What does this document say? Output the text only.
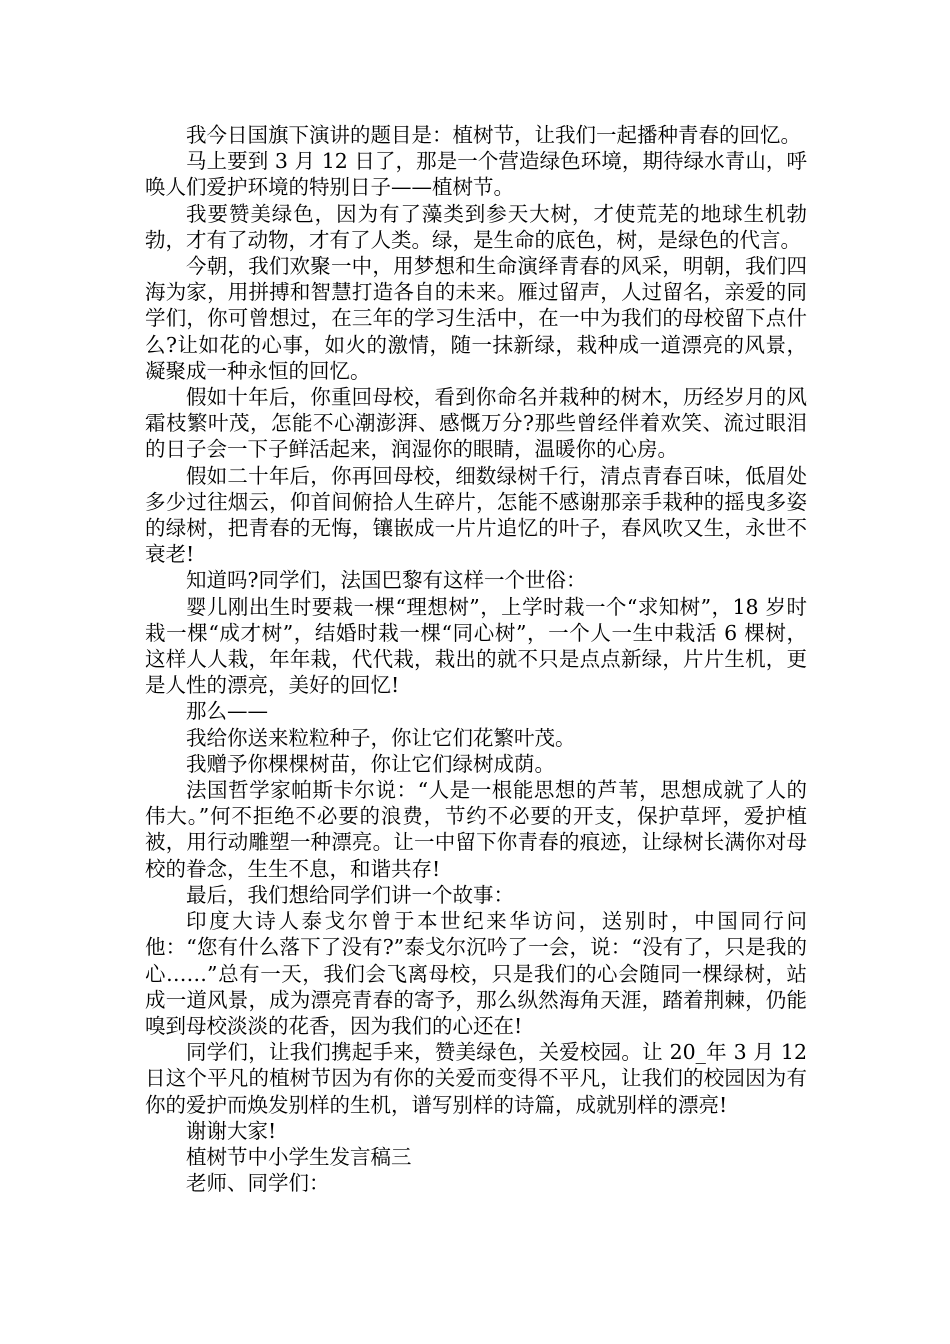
我今日国旗下演讲的题目是：植树节，让我们一起播种青春的回忆。

马上要到 3 月 12 日了，那是一个营造绿色环境，期待绿水青山，呼唤人们爱护环境的特别日子——植树节。

我要赞美绿色，因为有了藻类到参天大树，才使荒芜的地球生机勃勃，才有了动物，才有了人类。绿，是生命的底色，树，是绿色的代言。

今朝，我们欢聚一中，用梦想和生命演绎青春的风采，明朝，我们四海为家，用拼搏和智慧打造各自的未来。雁过留声，人过留名，亲爱的同学们，你可曾想过，在三年的学习生活中，在一中为我们的母校留下点什么?让如花的心事，如火的激情，随一抹新绿，栽种成一道漂亮的风景，凝聚成一种永恒的回忆。

假如十年后，你重回母校，看到你命名并栽种的树木，历经岁月的风霜枝繁叶茂，怎能不心潮澎湃、感慨万分?那些曾经伴着欢笑、流过眼泪的日子会一下子鲜活起来，润湿你的眼睛，温暖你的心房。

假如二十年后，你再回母校，细数绿树千行，清点青春百味，低眉处多少过往烟云，仰首间俯拾人生碎片，怎能不感谢那亲手栽种的摇曳多姿的绿树，把青春的无悔，镶嵌成一片片追忆的叶子，春风吹又生，永世不衰老!

知道吗?同学们，法国巴黎有这样一个世俗：

婴儿刚出生时要栽一棵“理想树”，上学时栽一个“求知树”，18 岁时栽一棵“成才树”，结婚时栽一棵“同心树”，一个人一生中栽活 6 棵树，这样人人栽，年年栽，代代栽，栽出的就不只是点点新绿，片片生机，更是人性的漂亮，美好的回忆!

那么——

我给你送来粒粒种子，你让它们花繁叶茂。

我赠予你棵棵树苗，你让它们绿树成荫。

法国哲学家帕斯卡尔说：“人是一根能思想的芦苇，思想成就了人的伟大。”何不拒绝不必要的浪费，节约不必要的开支，保护草坪，爱护植被，用行动雕塑一种漂亮。让一中留下你青春的痕迹，让绿树长满你对母校的眷念，生生不息，和谐共存!

最后，我们想给同学们讲一个故事：

印度大诗人泰戈尔曾于本世纪来华访问，送别时，中国同行问他：“您有什么落下了没有?”泰戈尔沉吟了一会，说：“没有了，只是我的心……”总有一天，我们会飞离母校，只是我们的心会随同一棵绿树，站成一道风景，成为漂亮青春的寄予，那么纵然海角天涯，踏着荆棘，仍能嗅到母校淡淡的花香，因为我们的心还在!

同学们，让我们携起手来，赞美绿色，关爱校园。让 20_年 3 月 12 日这个平凡的植树节因为有你的关爱而变得不平凡，让我们的校园因为有你的爱护而焕发别样的生机，谱写别样的诗篇，成就别样的漂亮!

谢谢大家!

植树节中小学生发言稿三

老师、同学们：
